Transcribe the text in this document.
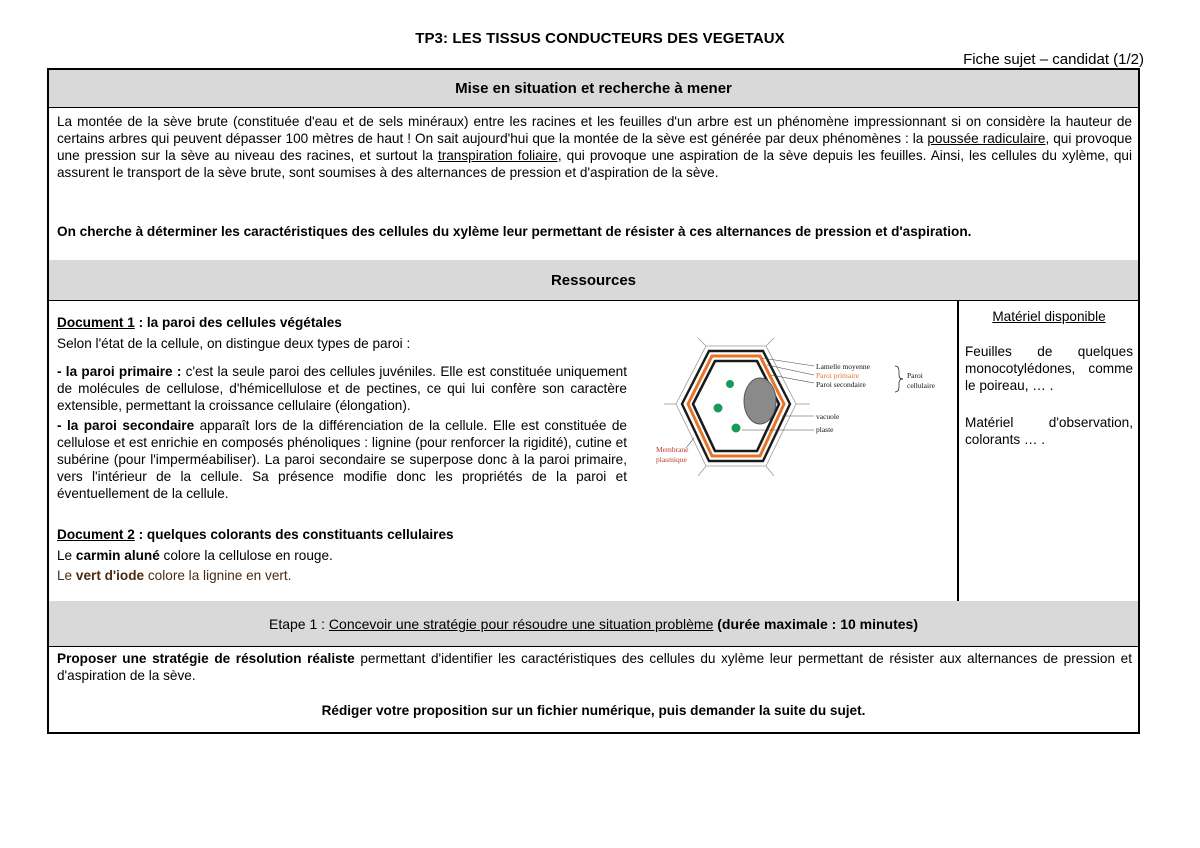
TP3: LES TISSUS CONDUCTEURS DES VEGETAUX
Fiche sujet – candidat (1/2)
Mise en situation et recherche à mener
La montée de la sève brute (constituée d'eau et de sels minéraux) entre les racines et les feuilles d'un arbre est un phénomène impressionnant si on considère la hauteur de certains arbres qui peuvent dépasser 100 mètres de haut ! On sait aujourd'hui que la montée de la sève est générée par deux phénomènes : la poussée radiculaire, qui provoque une pression sur la sève au niveau des racines, et surtout la transpiration foliaire, qui provoque une aspiration de la sève depuis les feuilles. Ainsi, les cellules du xylème, qui assurent le transport de la sève brute, sont soumises à des alternances de pression et d'aspiration de la sève.
On cherche à déterminer les caractéristiques des cellules du xylème leur permettant de résister à ces alternances de pression et d'aspiration.
Ressources
Document 1 : la paroi des cellules végétales
Selon l'état de la cellule, on distingue deux types de paroi :
- la paroi primaire : c'est la seule paroi des cellules juvéniles. Elle est constituée uniquement de molécules de cellulose, d'hémicellulose et de pectines, ce qui lui confère son caractère extensible, permettant la croissance cellulaire (élongation).
- la paroi secondaire apparaît lors de la différenciation de la cellule. Elle est constituée de cellulose et est enrichie en composés phénoliques : lignine (pour renforcer la rigidité), cutine et subérine (pour l'imperméabiliser). La paroi secondaire se superpose donc à la paroi primaire, vers l'intérieur de la cellule. Sa présence modifie donc les propriétés de la paroi et éventuellement de la cellule.
Document 2 : quelques colorants des constituants cellulaires
Le carmin aluné colore la cellulose en rouge.
Le vert d'iode colore la lignine en vert.
Matériel disponible
Feuilles de quelques monocotylédones, comme le poireau, … .
Matériel d'observation, colorants … .
Etape 1 : Concevoir une stratégie pour résoudre une situation problème (durée maximale : 10 minutes)
Proposer une stratégie de résolution réaliste permettant d'identifier les caractéristiques des cellules du xylème leur permettant de résister aux alternances de pression et d'aspiration de la sève.
Rédiger votre proposition sur un fichier numérique, puis demander la suite du sujet.
Lamelle moyenne
Paroi primaire
Paroi secondaire
Paroi
cellulaire
vacuole
plaste
Membrane
plasmique
